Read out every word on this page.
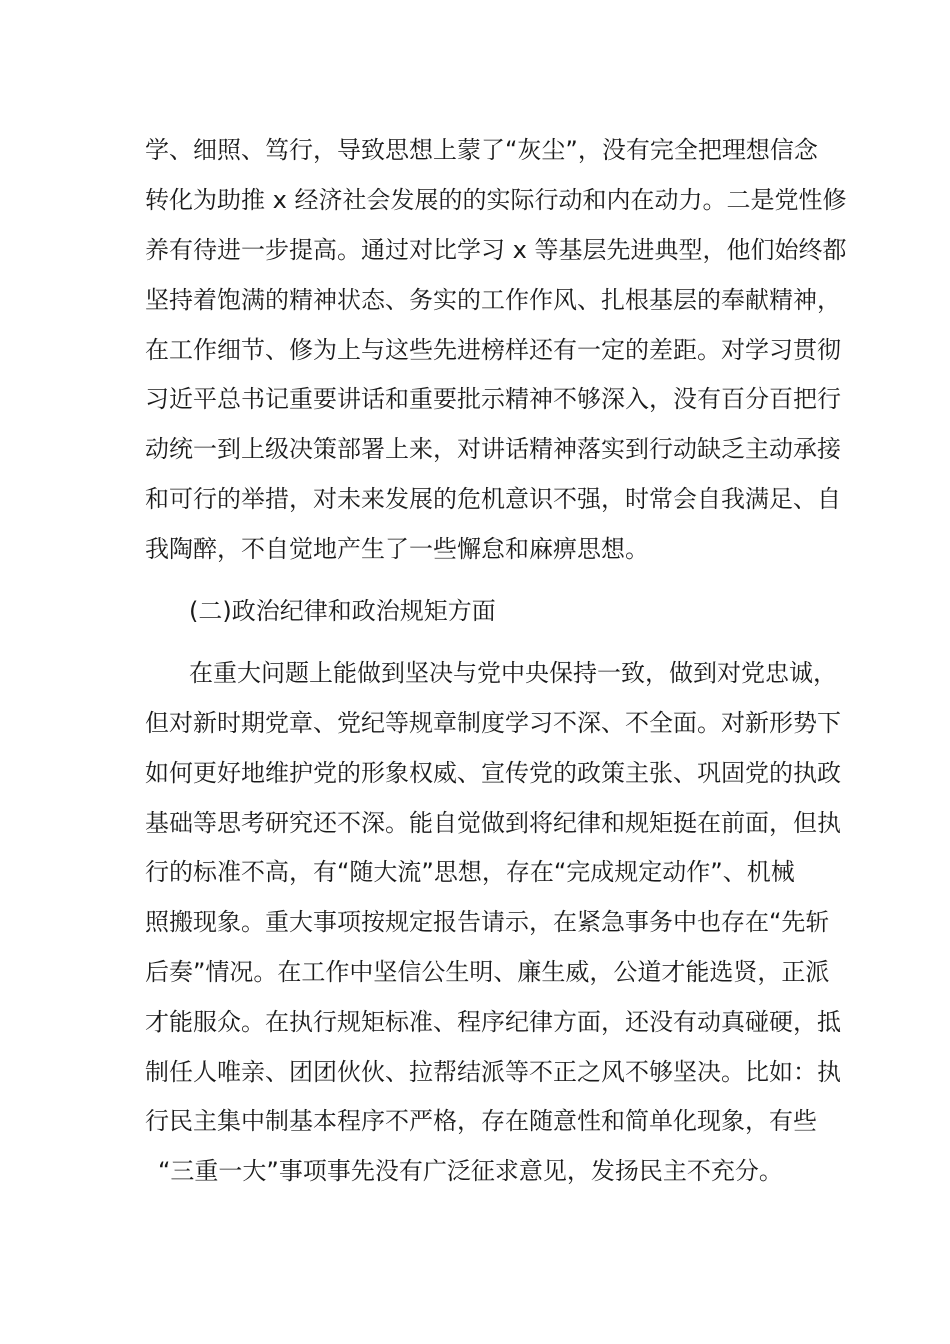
学、细照、笃行，导致思想上蒙了“灰尘”，没有完全把理想信念
转化为助推 x 经济社会发展的的实际行动和内在动力。二是党性修
养有待进一步提高。通过对比学习 x 等基层先进典型，他们始终都
坚持着饱满的精神状态、务实的工作作风、扎根基层的奉献精神，
在工作细节、修为上与这些先进榜样还有一定的差距。对学习贯彻
习近平总书记重要讲话和重要批示精神不够深入，没有百分百把行
动统一到上级决策部署上来，对讲话精神落实到行动缺乏主动承接
和可行的举措，对未来发展的危机意识不强，时常会自我满足、自
我陶醉，不自觉地产生了一些懈怠和麻痹思想。
(二)政治纪律和政治规矩方面
在重大问题上能做到坚决与党中央保持一致，做到对党忠诚，
但对新时期党章、党纪等规章制度学习不深、不全面。对新形势下
如何更好地维护党的形象权威、宣传党的政策主张、巩固党的执政
基础等思考研究还不深。能自觉做到将纪律和规矩挺在前面，但执
行的标准不高，有“随大流”思想，存在“完成规定动作”、机械
照搬现象。重大事项按规定报告请示，在紧急事务中也存在“先斩
后奏”情况。在工作中坚信公生明、廉生威，公道才能选贤，正派
才能服众。在执行规矩标准、程序纪律方面，还没有动真碰硬，抵
制任人唯亲、团团伙伙、拉帮结派等不正之风不够坚决。比如：执
行民主集中制基本程序不严格，存在随意性和简单化现象，有些
“三重一大”事项事先没有广泛征求意见，发扬民主不充分。
